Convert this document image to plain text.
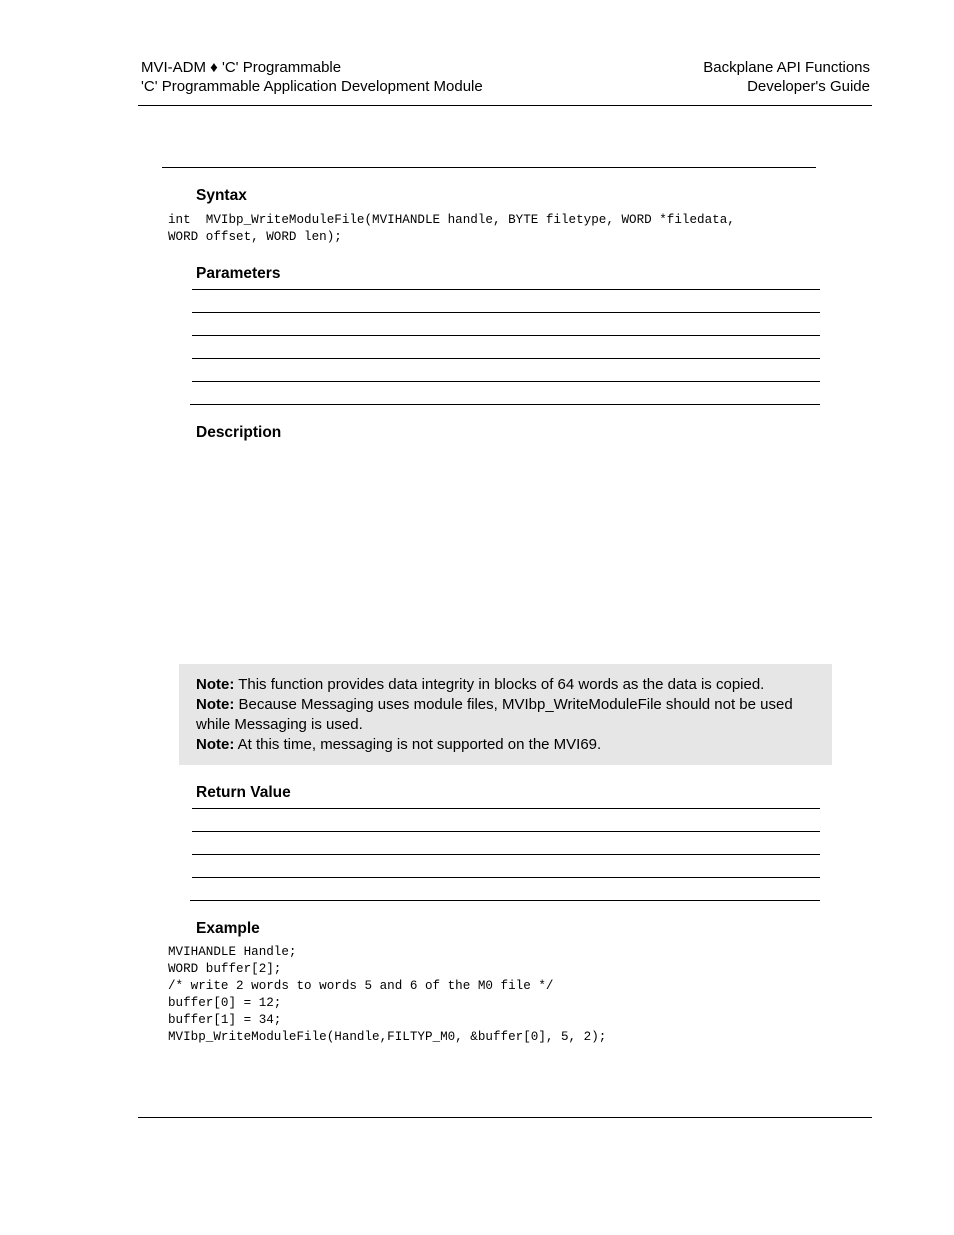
MVI-ADM ♦ 'C' Programmable
'C' Programmable Application Development Module
Backplane API Functions
Developer's Guide
Syntax
int  MVIbp_WriteModuleFile(MVIHANDLE handle, BYTE filetype, WORD *filedata,
WORD offset, WORD len);
Parameters
Description
Note: This function provides data integrity in blocks of 64 words as the data is copied.
Note: Because Messaging uses module files, MVIbp_WriteModuleFile should not be used while Messaging is used.
Note: At this time, messaging is not supported on the MVI69.
Return Value
Example
MVIHANDLE Handle;
WORD buffer[2];
/* write 2 words to words 5 and 6 of the M0 file */
buffer[0] = 12;
buffer[1] = 34;
MVIbp_WriteModuleFile(Handle,FILTYP_M0, &buffer[0], 5, 2);
